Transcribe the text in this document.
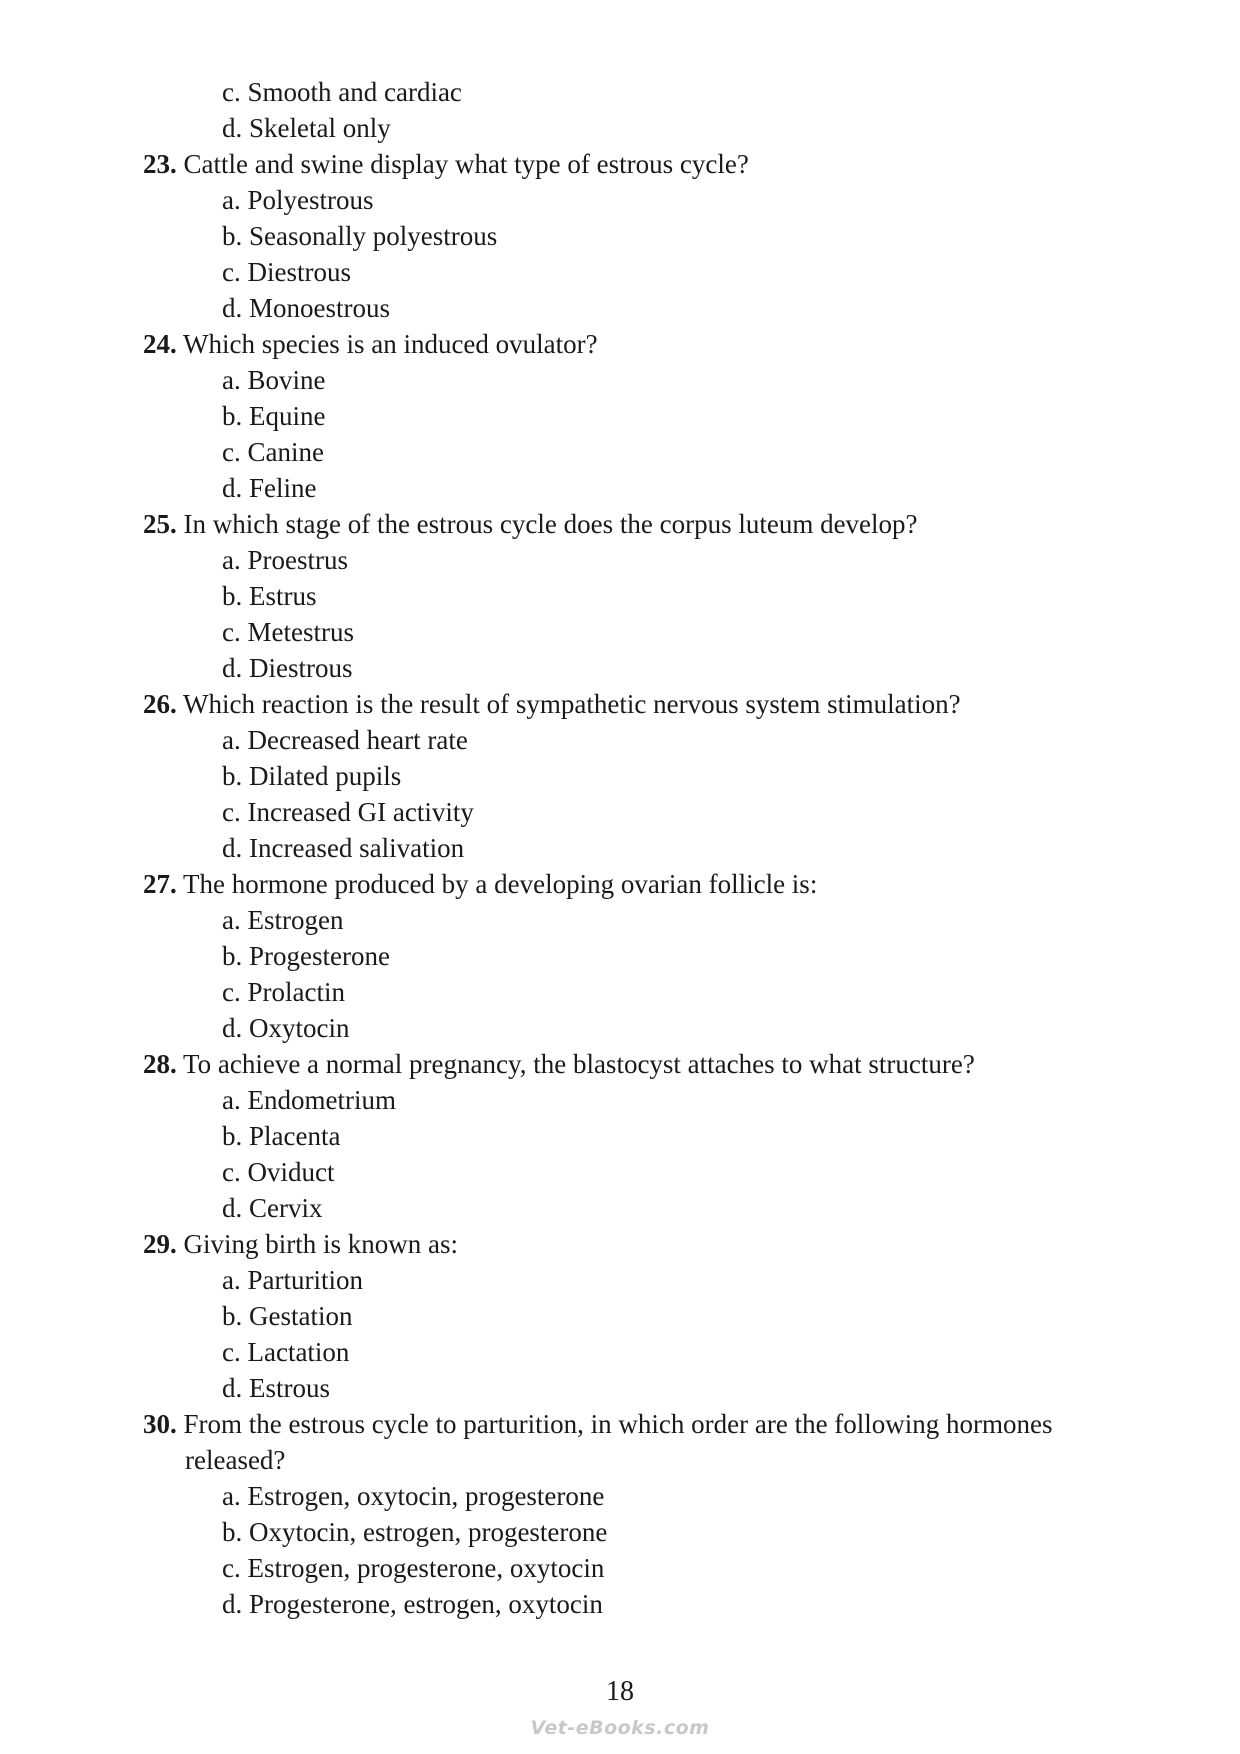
c. Smooth and cardiac
d. Skeletal only
23. Cattle and swine display what type of estrous cycle?
a. Polyestrous
b. Seasonally polyestrous
c. Diestrous
d. Monoestrous
24. Which species is an induced ovulator?
a. Bovine
b. Equine
c. Canine
d. Feline
25. In which stage of the estrous cycle does the corpus luteum develop?
a. Proestrus
b. Estrus
c. Metestrus
d. Diestrous
26. Which reaction is the result of sympathetic nervous system stimulation?
a. Decreased heart rate
b. Dilated pupils
c. Increased GI activity
d. Increased salivation
27. The hormone produced by a developing ovarian follicle is:
a. Estrogen
b. Progesterone
c. Prolactin
d. Oxytocin
28. To achieve a normal pregnancy, the blastocyst attaches to what structure?
a. Endometrium
b. Placenta
c. Oviduct
d. Cervix
29. Giving birth is known as:
a. Parturition
b. Gestation
c. Lactation
d. Estrous
30. From the estrous cycle to parturition, in which order are the following hormones
released?
a. Estrogen, oxytocin, progesterone
b. Oxytocin, estrogen, progesterone
c. Estrogen, progesterone, oxytocin
d. Progesterone, estrogen, oxytocin
18
Vet-eBooks.com
